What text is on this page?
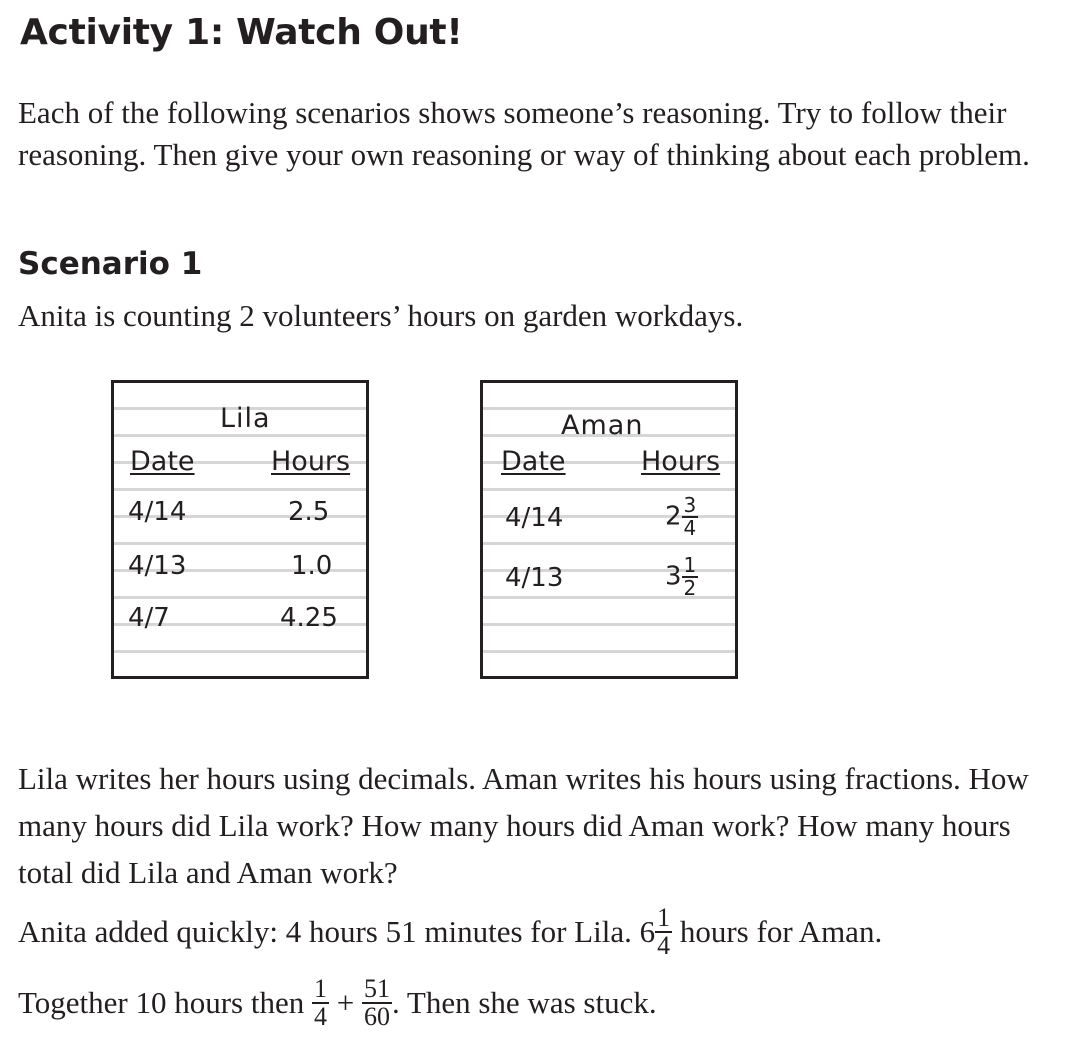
Activity 1: Watch Out!

Each of the following scenarios shows someone’s reasoning. Try to follow their reasoning. Then give your own reasoning or way of thinking about each problem.

Scenario 1

Anita is counting 2 volunteers’ hours on garden workdays.

Lila
Date	Hours
4/14	2.5
4/13	1.0
4/7	4.25
Aman
Date	Hours
4/14	$2 \frac{3}{4}$
4/13	$3 \frac{1}{2}$

Lila writes her hours using decimals. Aman writes his hours using fractions. How many hours did Lila work? How many hours did Aman work? How many hours total did Lila and Aman work?

Anita added quickly: 4 hours 51 minutes for Lila. $6 \frac{1}{4}$ hours for Aman.

Together 10 hours then $\frac{1}{4} + \frac{51}{60}$ . Then she was stuck.
